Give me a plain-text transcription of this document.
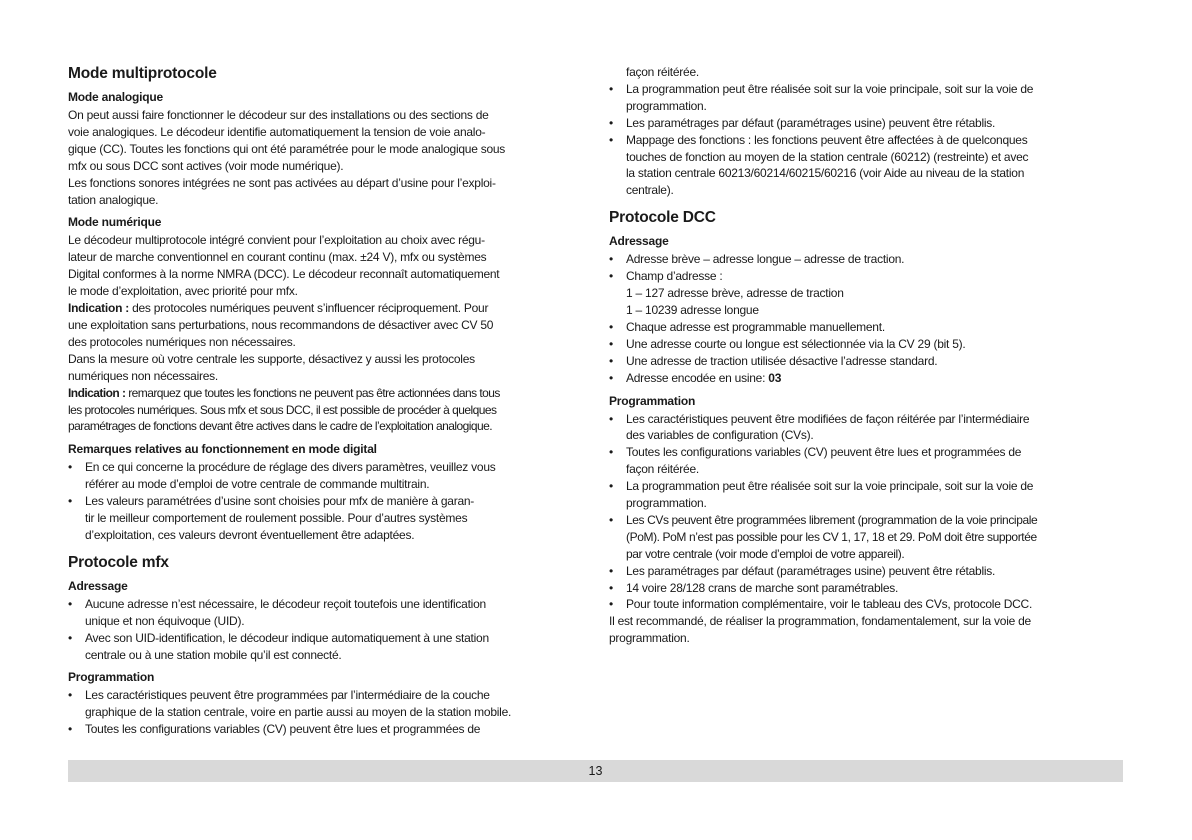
Mode multiprotocole
Mode analogique

On peut aussi faire fonctionner le décodeur sur des installations ou des sections de
voie analogiques. Le décodeur identifie automatiquement la tension de voie analo-
gique (CC). Toutes les fonctions qui ont été paramétrée pour le mode analogique sous
mfx ou sous DCC sont actives (voir mode numérique).

Les fonctions sonores intégrées ne sont pas activées au départ d’usine pour l’exploi-
tation analogique.

Mode numérique

Le décodeur multiprotocole intégré convient pour l’exploitation au choix avec régu-
lateur de marche conventionnel en courant continu (max. ±24 V), mfx ou systèmes
Digital conformes à la norme NMRA (DCC). Le décodeur reconnaît automatiquement
le mode d’exploitation, avec priorité pour mfx.

Indication : des protocoles numériques peuvent s’influencer réciproquement. Pour
une exploitation sans perturbations, nous recommandons de désactiver avec CV 50
des protocoles numériques non nécessaires.

Dans la mesure où votre centrale les supporte, désactivez y aussi les protocoles
numériques non nécessaires.

Indication : remarquez que toutes les fonctions ne peuvent pas être actionnées dans tous
les protocoles numériques. Sous mfx et sous DCC, il est possible de procéder à quelques
paramétrages de fonctions devant être actives dans le cadre de l’exploitation analogique.

Remarques relatives au fonctionnement en mode digital
• En ce qui concerne la procédure de réglage des divers paramètres, veuillez vous
référer au mode d’emploi de votre centrale de commande multitrain.
• Les valeurs paramétrées d’usine sont choisies pour mfx de manière à garan-
tir le meilleur comportement de roulement possible. Pour d’autres systèmes
d’exploitation, ces valeurs devront éventuellement être adaptées.
Protocole mfx
Adressage
• Aucune adresse n’est nécessaire, le décodeur reçoit toutefois une identification
unique et non équivoque (UID).
• Avec son UID-identification, le décodeur indique automatiquement à une station
centrale ou à une station mobile qu’il est connecté.
Programmation
• Les caractéristiques peuvent être programmées par l’intermédiaire de la couche
graphique de la station centrale, voire en partie aussi au moyen de la station mobile.
• Toutes les configurations variables (CV) peuvent être lues et programmées de

façon réitérée.

• La programmation peut être réalisée soit sur la voie principale, soit sur la voie de
programmation.
• Les paramétrages par défaut (paramétrages usine) peuvent être rétablis.
• Mappage des fonctions : les fonctions peuvent être affectées à de quelconques
touches de fonction au moyen de la station centrale (60212) (restreinte) et avec
la station centrale 60213/60214/60215/60216 (voir Aide au niveau de la station
centrale).
Protocole DCC
Adressage
• Adresse brève – adresse longue – adresse de traction.
• Champ d’adresse :
1 – 127 adresse brève, adresse de traction
1 – 10239 adresse longue
• Chaque adresse est programmable manuellement.
• Une adresse courte ou longue est sélectionnée via la CV 29 (bit 5).
• Une adresse de traction utilisée désactive l’adresse standard.
• Adresse encodée en usine: 03
Programmation
• Les caractéristiques peuvent être modifiées de façon réitérée par l’intermédiaire
des variables de configuration (CVs).
• Toutes les configurations variables (CV) peuvent être lues et programmées de
façon réitérée.
• La programmation peut être réalisée soit sur la voie principale, soit sur la voie de
programmation.
• Les CVs peuvent être programmées librement (programmation de la voie principale
(PoM). PoM n’est pas possible pour les CV 1, 17, 18 et 29. PoM doit être supportée
par votre centrale (voir mode d’emploi de votre appareil).
• Les paramétrages par défaut (paramétrages usine) peuvent être rétablis.
• 14 voire 28/128 crans de marche sont paramétrables.
• Pour toute information complémentaire, voir le tableau des CVs, protocole DCC.

Il est recommandé, de réaliser la programmation, fondamentalement, sur la voie de
programmation.

13
